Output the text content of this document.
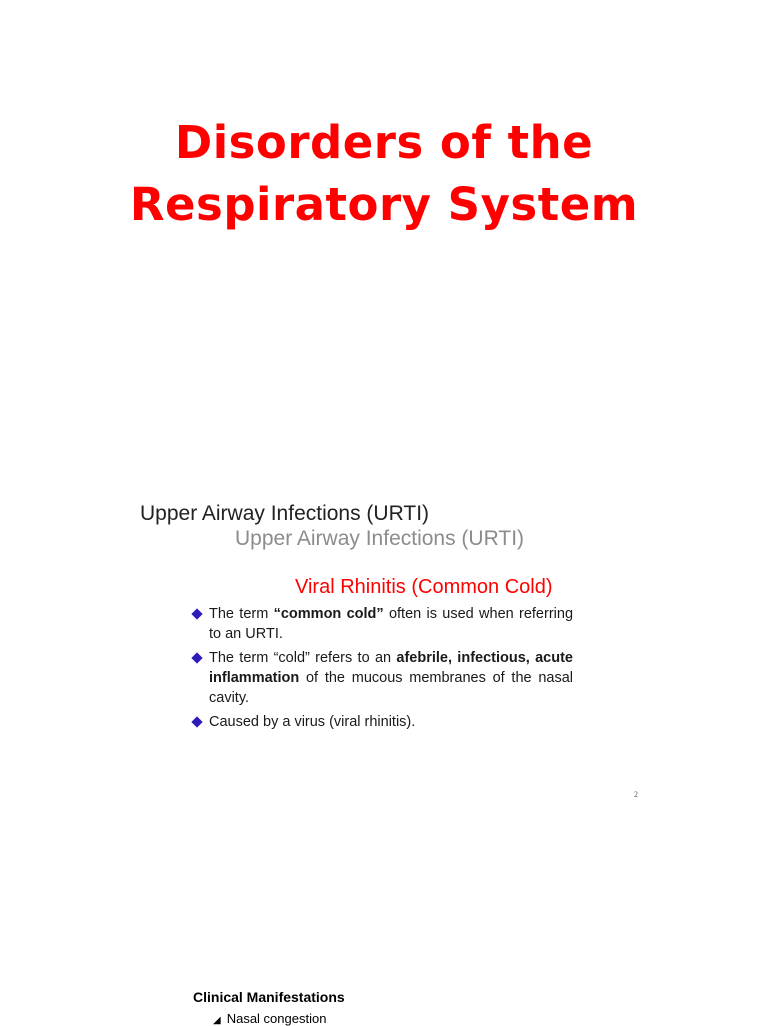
Disorders of the
Respiratory System
Upper Airway Infections (URTI)
Upper Airway Infections (URTI)
Viral Rhinitis (Common Cold)
The term “common cold” often is used when referring to an URTI.
The term “cold” refers to an afebrile, infectious, acute inflammation of the mucous membranes of the nasal cavity.
Caused by a virus (viral rhinitis).
2
Clinical Manifestations
◢ Nasal congestion
